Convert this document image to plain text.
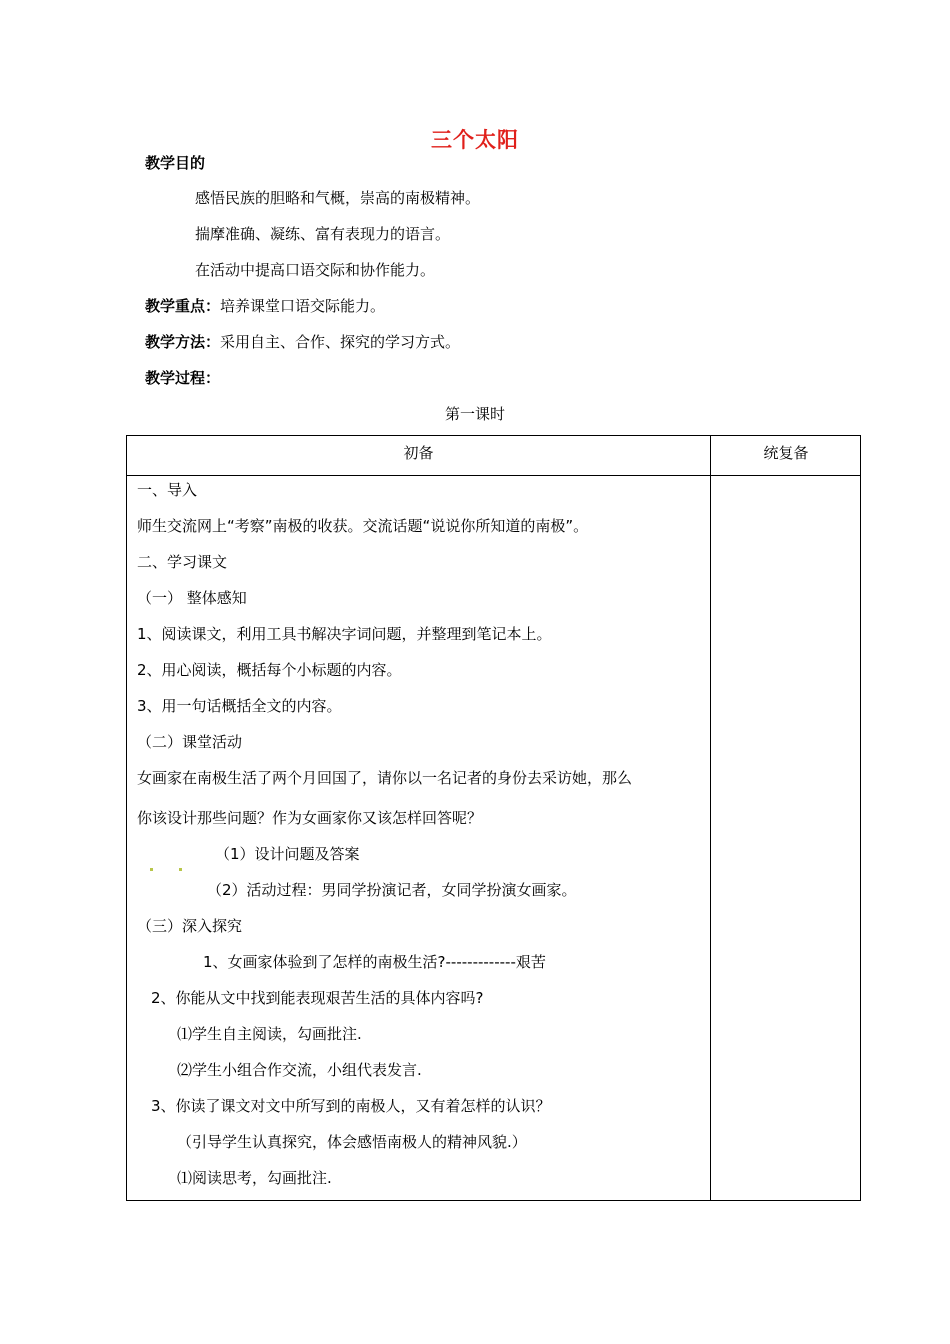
三个太阳
教学目的
感悟民族的胆略和气概，崇高的南极精神。
揣摩准确、凝练、富有表现力的语言。
在活动中提高口语交际和协作能力。
教学重点：培养课堂口语交际能力。
教学方法：采用自主、合作、探究的学习方式。
教学过程：
第一课时
初备	统复备
一、导入
师生交流网上“考察”南极的收获。交流话题“说说你所知道的南极”。
二、学习课文
（一） 整体感知
1、阅读课文，利用工具书解决字词问题，并整理到笔记本上。
2、用心阅读，概括每个小标题的内容。
3、用一句话概括全文的内容。
（二）课堂活动
女画家在南极生活了两个月回国了，请你以一名记者的身份去采访她，那么
你该设计那些问题？作为女画家你又该怎样回答呢？

（1）设计问题及答案
（2）活动过程：男同学扮演记者，女同学扮演女画家。
（三）深入探究
1、女画家体验到了怎样的南极生活?-------------艰苦
2、你能从文中找到能表现艰苦生活的具体内容吗?
⑴学生自主阅读，勾画批注.
⑵学生小组合作交流，小组代表发言.
3、你读了课文对文中所写到的南极人，又有着怎样的认识？
（引导学生认真探究，体会感悟南极人的精神风貌.）
⑴阅读思考，勾画批注.
